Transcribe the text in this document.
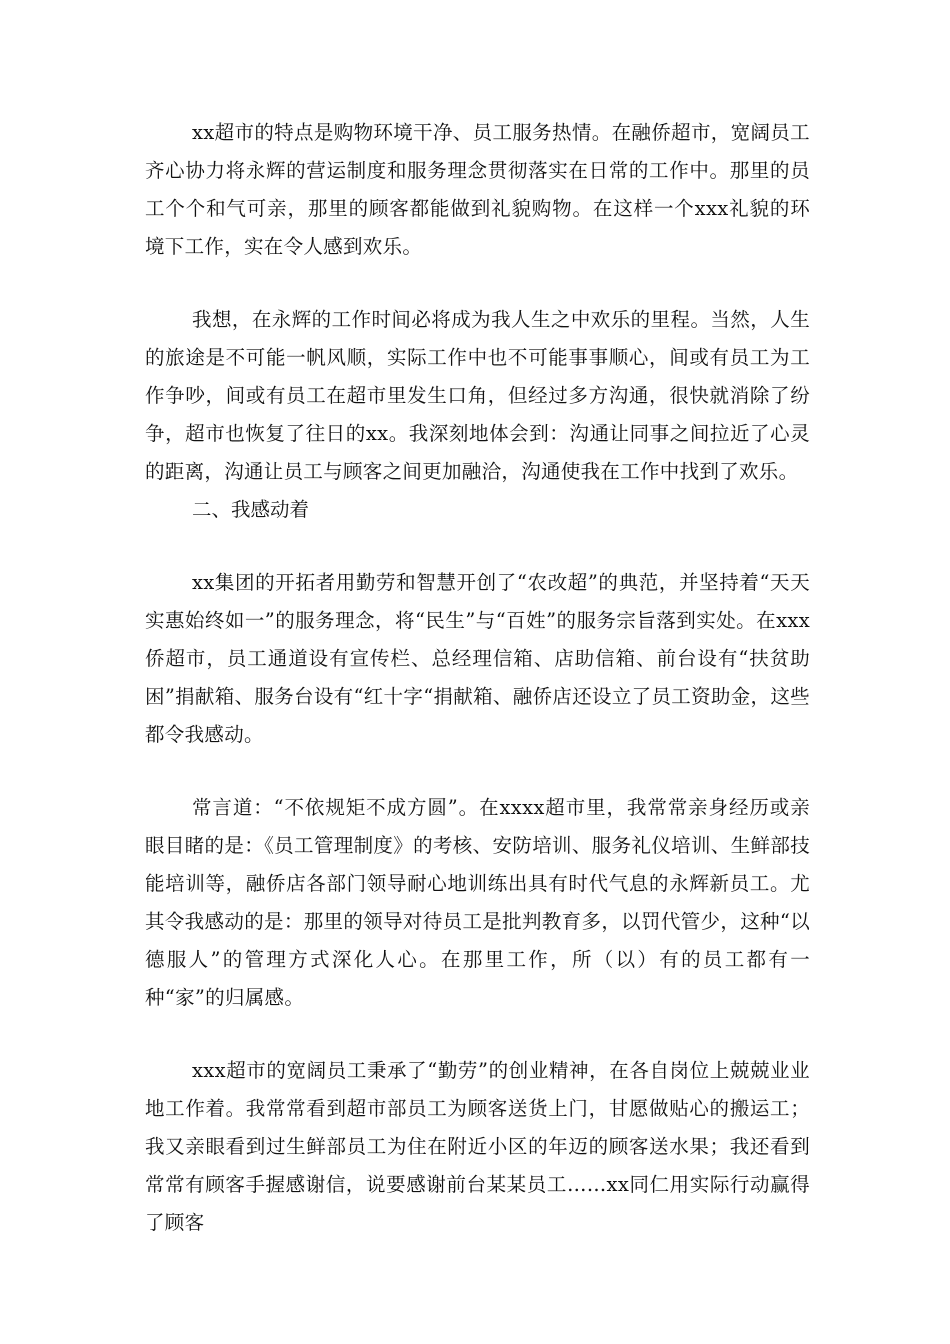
xx超市的特点是购物环境干净、员工服务热情。在融侨超市，宽阔员工齐心协力将永辉的营运制度和服务理念贯彻落实在日常的工作中。那里的员工个个和气可亲，那里的顾客都能做到礼貌购物。在这样一个xxx礼貌的环境下工作，实在令人感到欢乐。

我想，在永辉的工作时间必将成为我人生之中欢乐的里程。当然，人生的旅途是不可能一帆风顺，实际工作中也不可能事事顺心，间或有员工为工作争吵，间或有员工在超市里发生口角，但经过多方沟通，很快就消除了纷争，超市也恢复了往日的xx。我深刻地体会到：沟通让同事之间拉近了心灵的距离，沟通让员工与顾客之间更加融洽，沟通使我在工作中找到了欢乐。

二、我感动着

xx集团的开拓者用勤劳和智慧开创了“农改超”的典范，并坚持着“天天实惠始终如一”的服务理念，将“民生”与“百姓”的服务宗旨落到实处。在xxx侨超市，员工通道设有宣传栏、总经理信箱、店助信箱、前台设有“扶贫助困”捐献箱、服务台设有“红十字“捐献箱、融侨店还设立了员工资助金，这些都令我感动。

常言道：“不依规矩不成方圆”。在xxxx超市里，我常常亲身经历或亲眼目睹的是：《员工管理制度》的考核、安防培训、服务礼仪培训、生鲜部技能培训等，融侨店各部门领导耐心地训练出具有时代气息的永辉新员工。尤其令我感动的是：那里的领导对待员工是批判教育多，以罚代管少，这种“以德服人”的管理方式深化人心。在那里工作，所（以）有的员工都有一种“家”的归属感。

xxx超市的宽阔员工秉承了“勤劳”的创业精神，在各自岗位上兢兢业业地工作着。我常常看到超市部员工为顾客送货上门，甘愿做贴心的搬运工；我又亲眼看到过生鲜部员工为住在附近小区的年迈的顾客送水果；我还看到常常有顾客手握感谢信，说要感谢前台某某员工……xx同仁用实际行动赢得了顾客
